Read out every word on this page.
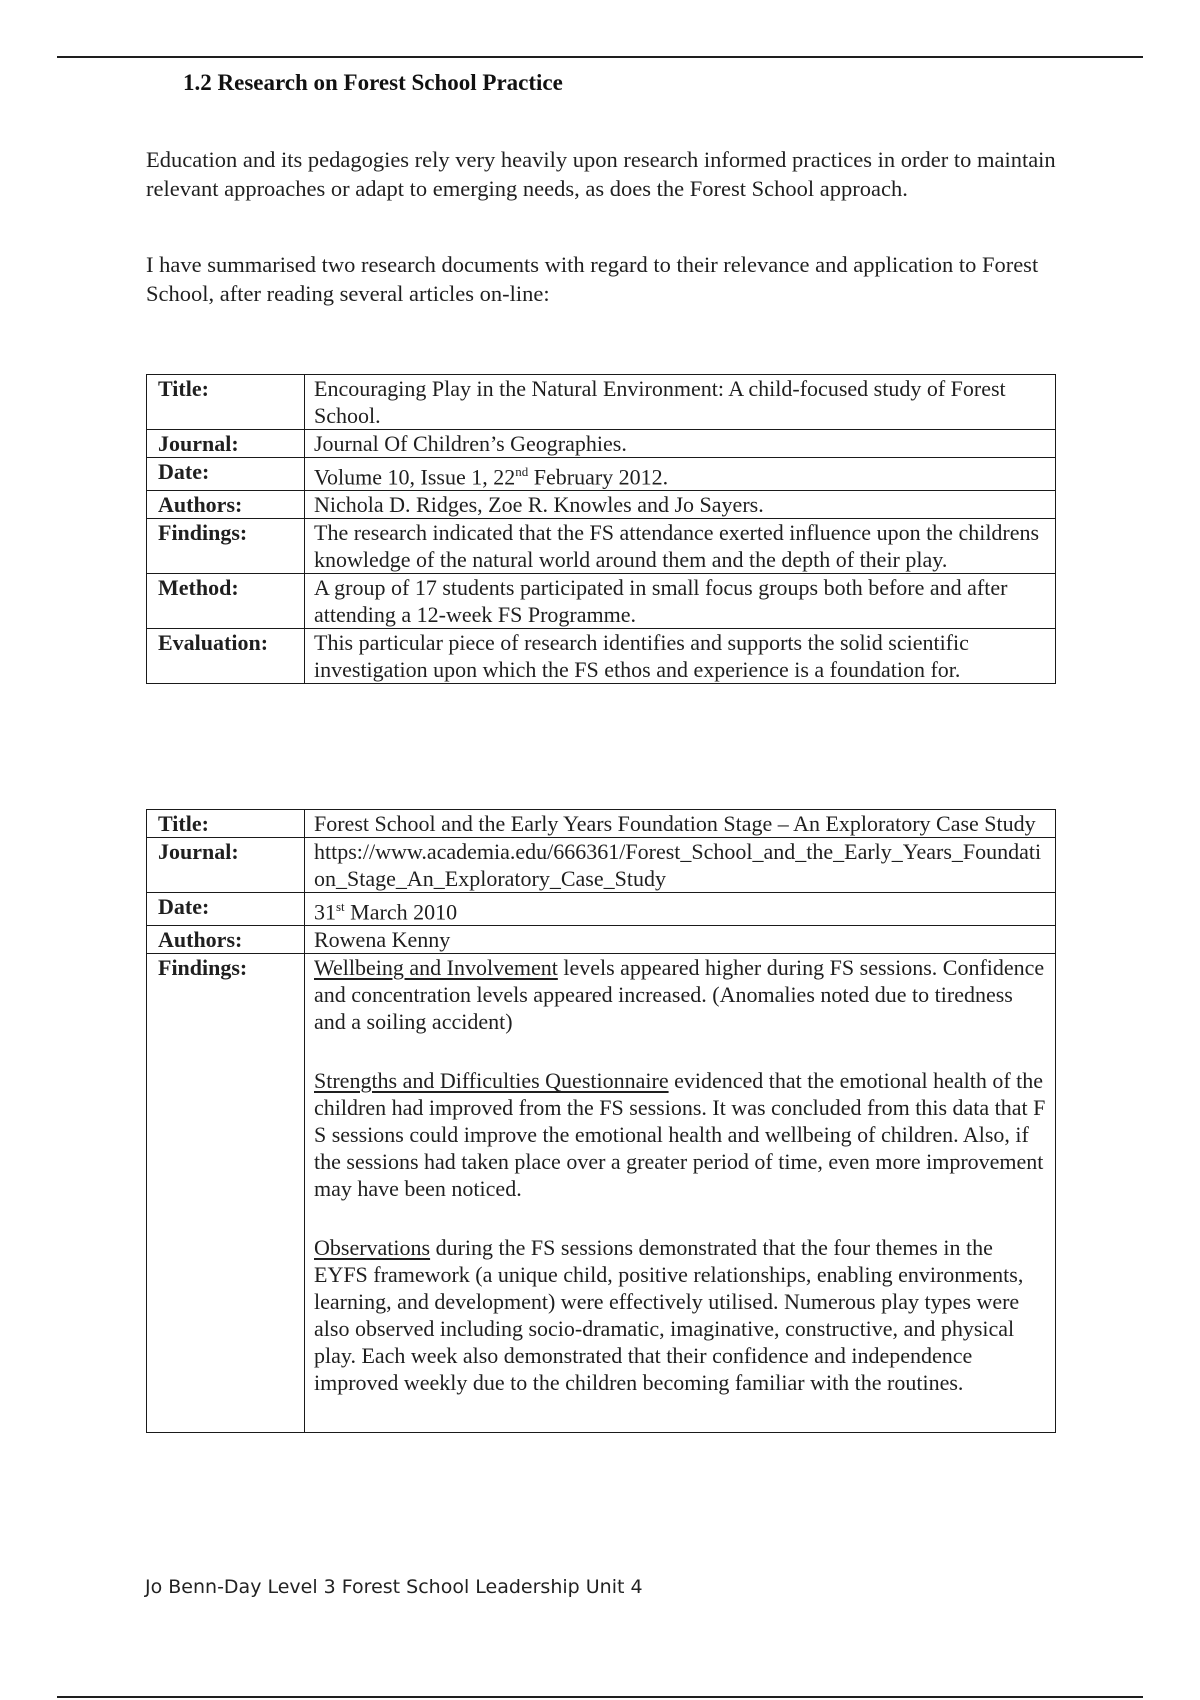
1.2 Research on Forest School Practice

Education and its pedagogies rely very heavily upon research informed practices in order to maintain relevant approaches or adapt to emerging needs, as does the Forest School approach.

I have summarised two research documents with regard to their relevance and application to Forest School, after reading several articles on-line:

Title:	Encouraging Play in the Natural Environment: A child-focused study of Forest School.
Journal:	Journal Of Children’s Geographies.
Date:	Volume 10, Issue 1, 22nd February 2012.
Authors:	Nichola D. Ridges, Zoe R. Knowles and Jo Sayers.
Findings:	The research indicated that the FS attendance exerted influence upon the childrens knowledge of the natural world around them and the depth of their play.
Method:	A group of 17 students participated in small focus groups both before and after attending a 12-week FS Programme.
Evaluation:	This particular piece of research identifies and supports the solid scientific investigation upon which the FS ethos and experience is a foundation for.
Title:	Forest School and the Early Years Foundation Stage – An Exploratory Case Study
Journal:	https://www.academia.edu/666361/Forest_School_and_the_Early_Years_Foundation_Stage_An_Exploratory_Case_Study
Date:	31st March 2010
Authors:	Rowena Kenny
Findings:	Wellbeing and Involvement levels appeared higher during FS sessions. Confidence and concentration levels appeared increased. (Anomalies noted due to tiredness and a soiling accident)
Strengths and Difficulties Questionnaire evidenced that the emotional health of the children had improved from the FS sessions. It was concluded from this data that F S sessions could improve the emotional health and wellbeing of children. Also, if the sessions had taken place over a greater period of time, even more improvement may have been noticed.
Observations during the FS sessions demonstrated that the four themes in the EYFS framework (a unique child, positive relationships, enabling environments, learning, and development) were effectively utilised. Numerous play types were also observed including socio-dramatic, imaginative, constructive, and physical play. Each week also demonstrated that their confidence and independence improved weekly due to the children becoming familiar with the routines.

Jo Benn-Day Level 3 Forest School Leadership Unit 4
